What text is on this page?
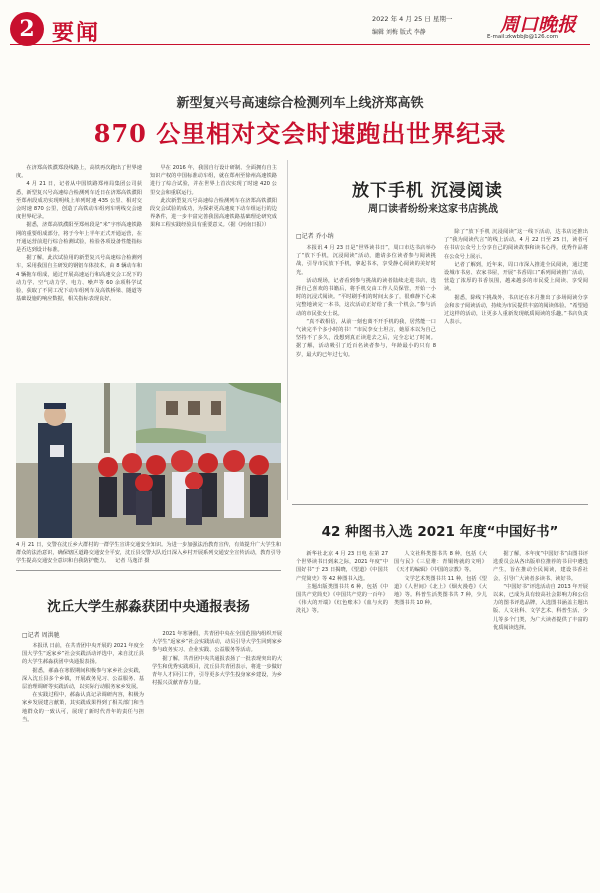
2 要闻
2022 年 4 月 25 日 星期一
编辑 刘梅 版式 李静	周口晚报
E-mail:zkwbbjb@126.com
新型复兴号高速综合检测列车上线济郑高铁
870 公里相对交会时速跑出世界纪录

在济郑高铁濮郑段线路上，高铁再次跑出了世界速度。

4 月 21 日，记者从中国铁路郑州局集团公司获悉，新型复兴号高速综合检测列车近日在济郑高铁濮阳至郑州段成功实现明线上单列时速 435 公里、相对交会时速 870 公里，创造了高铁动车组列车明线交会速度世界纪录。

据悉，济郑高铁濮阳至郑州段是“米”字形高速铁路网的重要组成部分，将于今年上半年正式开通运营，在开通运营前进行综合检测试验，检验各项设备性能指标是否达到设计标准。

据了解，此次试验用的新型复兴号高速综合检测列车，采用我国自主研发的钢铝车体技术，由 8 辆动车和 4 辆拖车组成，通过开展高速运行和高速交会工况下的动力学、空气动力学、电力、噪声等 60 余项科学试验，获取了不同工况下动车组列车及高铁桥梁、隧道等基础设施的响应数据，相关指标表现良好。

早在 2016 年，我国自行设计研制、全面拥有自主知识产权的中国标准动车组，就在郑州至徐州高速铁路进行了综合试验，并在世界上首次实现了时速 420 公里交会和重联运行。

此次新型复兴号高速综合检测列车在济郑高铁濮阳段交会试验的成功，为探索更高速度下动车组运行的边界条件，进一步丰富完善我国高速铁路基础理论研究成果和工程实践经验具有重要意义。（据《河南日报》）

4 月 21 日，交警在沈丘乡大群村的一群学生宣讲交通安全知识。为进一步加强法治教育宣传，有效提升广大学生和群众的法治意识，确保辖区道路交通安全平安，沈丘县交警大队近日深入乡村开展系列交通安全宣传活动，教育引导学生提高交通安全意识和自我防护能力。 记者 马逸洋 摄
放下手机 沉浸阅读
周口读者纷纷来这家书店挑战
□记者 乔小纳

本报讯 4 月 23 日是“世界读书日”，周口市达书店举办了“放下手机，沉浸阅读”活动，邀请多位读者参与阅读挑战，引导市民放下手机，拿起书本，享受静心阅读的美好时光。

活动现场，记者看到参与挑战的读者陆续走进书店，选择自己喜欢的书籍后，将手机交由工作人员保管，开始一小时的沉浸式阅读。“平时刷手机的时间太多了，很难静下心来完整地读完一本书，这次活动正好给了我一个机会。”参与活动的市民张女士说。

“真不敢相信，从前一刻也离不开手机的我，居然能一口气读完半个多小时的书！”市民李女士坦言，她原本以为自己坚持不了多久，没想到真正读进去之后，完全忘记了时间。据了解，活动吸引了近百名读者参与，年龄最小的只有 8 岁，最大的已年过七旬。

除了“放下手机 沉浸阅读”这一线下活动，达书店还推出了“我为阅读代言”的线上活动。4 月 22 日至 25 日，读者可在书店公众号上分享自己的阅读故事和读书心得，优秀作品将在公众号上展示。

记者了解到，近年来，周口市深入推进全民阅读，通过建设城市书房、农家书屋，开展“书香周口”系列阅读推广活动，营造了浓厚的书香氛围，越来越多的市民爱上阅读、享受阅读。

据悉，除线下挑战外，书店还在本月推出了多场阅读分享会和亲子阅读活动，持续为市民提供丰富的阅读体验。“希望通过这样的活动，让更多人重新发现纸质阅读的乐趣。”书店负责人表示。

42 种图书入选 2021 年度“中国好书”

新华社北京 4 月 23 日电 在第 27 个世界读书日到来之际，2021 年度“中国好书”于 23 日揭晓，《望道》《中国共产党简史》等 42 种图书入选。

主题出版类图书共 6 种，包括《中国共产党简史》《中国共产党的一百年》《伟大的开端》《红色账本》《血与火的洗礼》等。

人文社科类图书共 8 种，包括《大国与民》《三星堆：青铜铸就的文明》《天才的编辑》《中国的宗教》等。

文学艺术类图书共 11 种，包括《望道》《人世间》《北上》《烟火漫卷》《大地》等。科普生活类图书共 7 种，少儿类图书共 10 种。

据了解，本年度“中国好书”由图书评选委员会从各出版单位推荐的书目中遴选产生，旨在推动全民阅读，建设书香社会，引导广大读者多读书、读好书。

“中国好书”评选活动自 2013 年开展以来，已成为具有较高社会影响力和公信力的图书评选品牌，入选图书涵盖主题出版、人文社科、文学艺术、科普生活、少儿等多个门类，为广大读者提供了丰富的优质阅读选择。

沈丘大学生郝淼获团中央通报表扬
□记者 周洪驰

本报讯 日前，在共青团中央开展的 2021 年度全国大学生“返家乡”社会实践活动评选中，来自沈丘县的大学生郝淼获团中央通报表扬。

据悉，郝淼在寒假期间积极参与家乡社会实践，深入沈丘县多个乡镇，开展政务见习、公益服务、基层治理调研等实践活动，以实际行动服务家乡发展。

在实践过程中，郝淼认真记录调研内容，积极为家乡发展建言献策，其实践成果得到了相关部门和当地群众的一致认可，展现了新时代青年的责任与担当。

2021 年寒暑假，共青团中央在全国范围内组织开展大学生“返家乡”社会实践活动，动员引导大学生回到家乡参与政务实习、企业实践、公益服务等活动。

据了解，共青团中央共通报表扬了一批表现突出的大学生和优秀实践项目，沈丘县共青团表示，将进一步做好青年人才回引工作，引导更多大学生投身家乡建设，为乡村振兴贡献青春力量。
